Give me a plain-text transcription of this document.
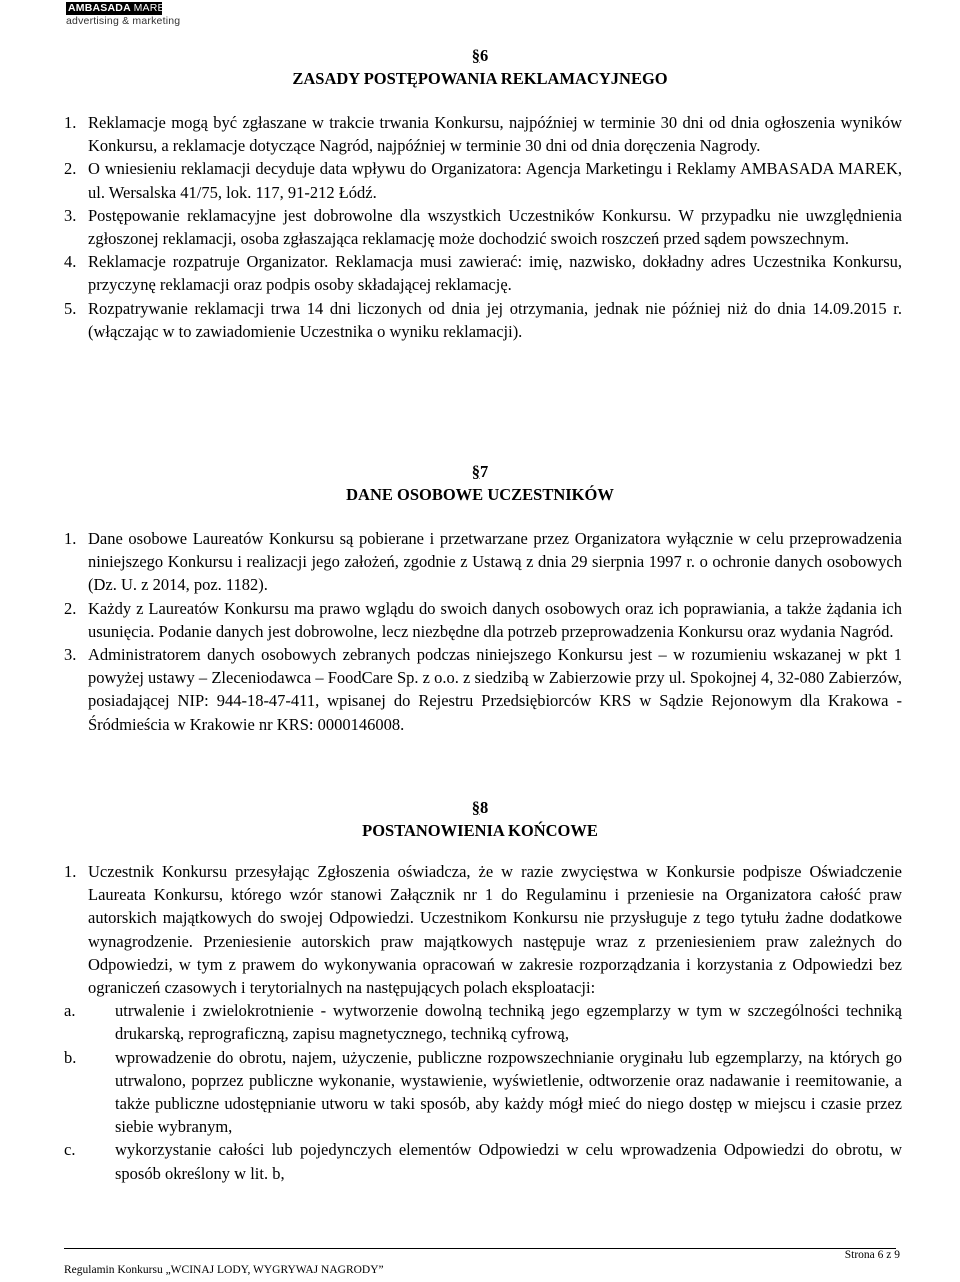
AMBASADA MAREK
advertising & marketing
§6
ZASADY POSTĘPOWANIA REKLAMACYJNEGO
1. Reklamacje mogą być zgłaszane w trakcie trwania Konkursu, najpóźniej w terminie 30 dni od dnia ogłoszenia wyników Konkursu, a reklamacje dotyczące Nagród, najpóźniej w terminie 30 dni od dnia doręczenia Nagrody.
2. O wniesieniu reklamacji decyduje data wpływu do Organizatora: Agencja Marketingu i Reklamy AMBASADA MAREK, ul. Wersalska 41/75, lok. 117, 91-212 Łódź.
3. Postępowanie reklamacyjne jest dobrowolne dla wszystkich Uczestników Konkursu. W przypadku nie uwzględnienia zgłoszonej reklamacji, osoba zgłaszająca reklamację może dochodzić swoich roszczeń przed sądem powszechnym.
4. Reklamacje rozpatruje Organizator. Reklamacja musi zawierać: imię, nazwisko, dokładny adres Uczestnika Konkursu, przyczynę reklamacji oraz podpis osoby składającej reklamację.
5. Rozpatrywanie reklamacji trwa 14 dni liczonych od dnia jej otrzymania, jednak nie później niż do dnia 14.09.2015 r. (włączając w to zawiadomienie Uczestnika o wyniku reklamacji).
§7
DANE OSOBOWE UCZESTNIKÓW
1. Dane osobowe Laureatów Konkursu są pobierane i przetwarzane przez Organizatora wyłącznie w celu przeprowadzenia niniejszego Konkursu i realizacji jego założeń, zgodnie z Ustawą z dnia 29 sierpnia 1997 r. o ochronie danych osobowych (Dz. U. z 2014, poz. 1182).
2. Każdy z Laureatów Konkursu ma prawo wglądu do swoich danych osobowych oraz ich poprawiania, a także żądania ich usunięcia. Podanie danych jest dobrowolne, lecz niezbędne dla potrzeb przeprowadzenia Konkursu oraz wydania Nagród.
3. Administratorem danych osobowych zebranych podczas niniejszego Konkursu jest – w rozumieniu wskazanej w pkt 1 powyżej ustawy – Zleceniodawca – FoodCare Sp. z o.o. z siedzibą w Zabierzowie przy ul. Spokojnej 4, 32-080 Zabierzów, posiadającej NIP: 944-18-47-411, wpisanej do Rejestru Przedsiębiorców KRS w Sądzie Rejonowym dla Krakowa - Śródmieścia w Krakowie nr KRS: 0000146008.
§8
POSTANOWIENIA KOŃCOWE
1. Uczestnik Konkursu przesyłając Zgłoszenia oświadcza, że w razie zwycięstwa w Konkursie podpisze Oświadczenie Laureata Konkursu, którego wzór stanowi Załącznik nr 1 do Regulaminu i przeniesie na Organizatora całość praw autorskich majątkowych do swojej Odpowiedzi. Uczestnikom Konkursu nie przysługuje z tego tytułu żadne dodatkowe wynagrodzenie. Przeniesienie autorskich praw majątkowych następuje wraz z przeniesieniem praw zależnych do Odpowiedzi, w tym z prawem do wykonywania opracowań w zakresie rozporządzania i korzystania z Odpowiedzi bez ograniczeń czasowych i terytorialnych na następujących polach eksploatacji:
a. utrwalenie i zwielokrotnienie - wytworzenie dowolną techniką jego egzemplarzy w tym w szczególności techniką drukarską, reprograficzną, zapisu magnetycznego, techniką cyfrową,
b. wprowadzenie do obrotu, najem, użyczenie, publiczne rozpowszechnianie oryginału lub egzemplarzy, na których go utrwalono, poprzez publiczne wykonanie, wystawienie, wyświetlenie, odtworzenie oraz nadawanie i reemitowanie, a także publiczne udostępnianie utworu w taki sposób, aby każdy mógł mieć do niego dostęp w miejscu i czasie przez siebie wybranym,
c. wykorzystanie całości lub pojedynczych elementów Odpowiedzi w celu wprowadzenia Odpowiedzi do obrotu, w sposób określony w lit. b,
Strona 6 z 9
Regulamin Konkursu „WCINAJ LODY, WYGRYWAJ NAGRODY”
